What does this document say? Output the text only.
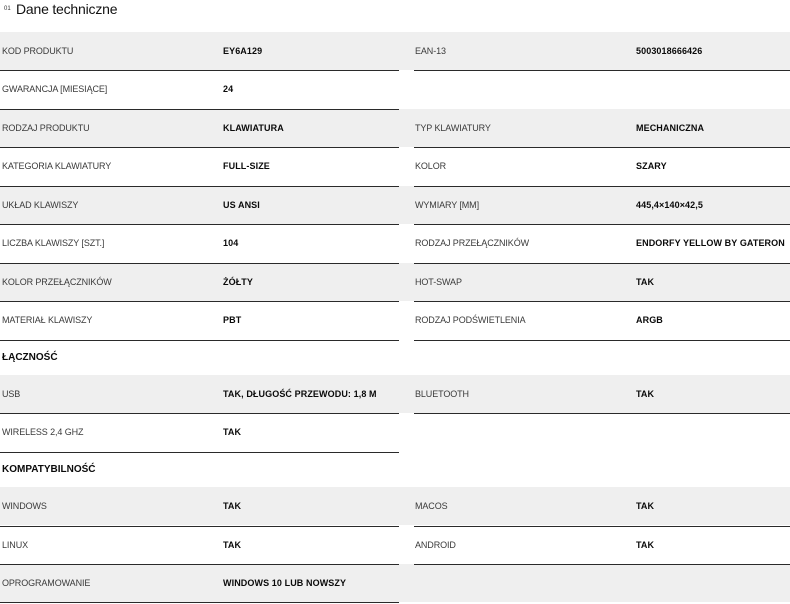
01 Dane techniczne
KOD PRODUKTU	EY6A129	EAN-13	5003018666426
GWARANCJA [MIESIĄCE]	24
RODZAJ PRODUKTU	KLAWIATURA	TYP KLAWIATURY	MECHANICZNA
KATEGORIA KLAWIATURY	FULL-SIZE	KOLOR	SZARY
UKŁAD KLAWISZY	US ANSI	WYMIARY [MM]	445,4×140×42,5
LICZBA KLAWISZY [SZT.]	104	RODZAJ PRZEŁĄCZNIKÓW	ENDORFY YELLOW BY GATERON
KOLOR PRZEŁĄCZNIKÓW	ŻÓŁTY	HOT-SWAP	TAK
MATERIAŁ KLAWISZY	PBT	RODZAJ PODŚWIETLENIA	ARGB
ŁĄCZNOŚĆ
USB	TAK, DŁUGOŚĆ PRZEWODU: 1,8 M	BLUETOOTH	TAK
WIRELESS 2,4 GHZ	TAK
KOMPATYBILNOŚĆ
WINDOWS	TAK	MACOS	TAK
LINUX	TAK	ANDROID	TAK
OPROGRAMOWANIE	WINDOWS 10 LUB NOWSZY
